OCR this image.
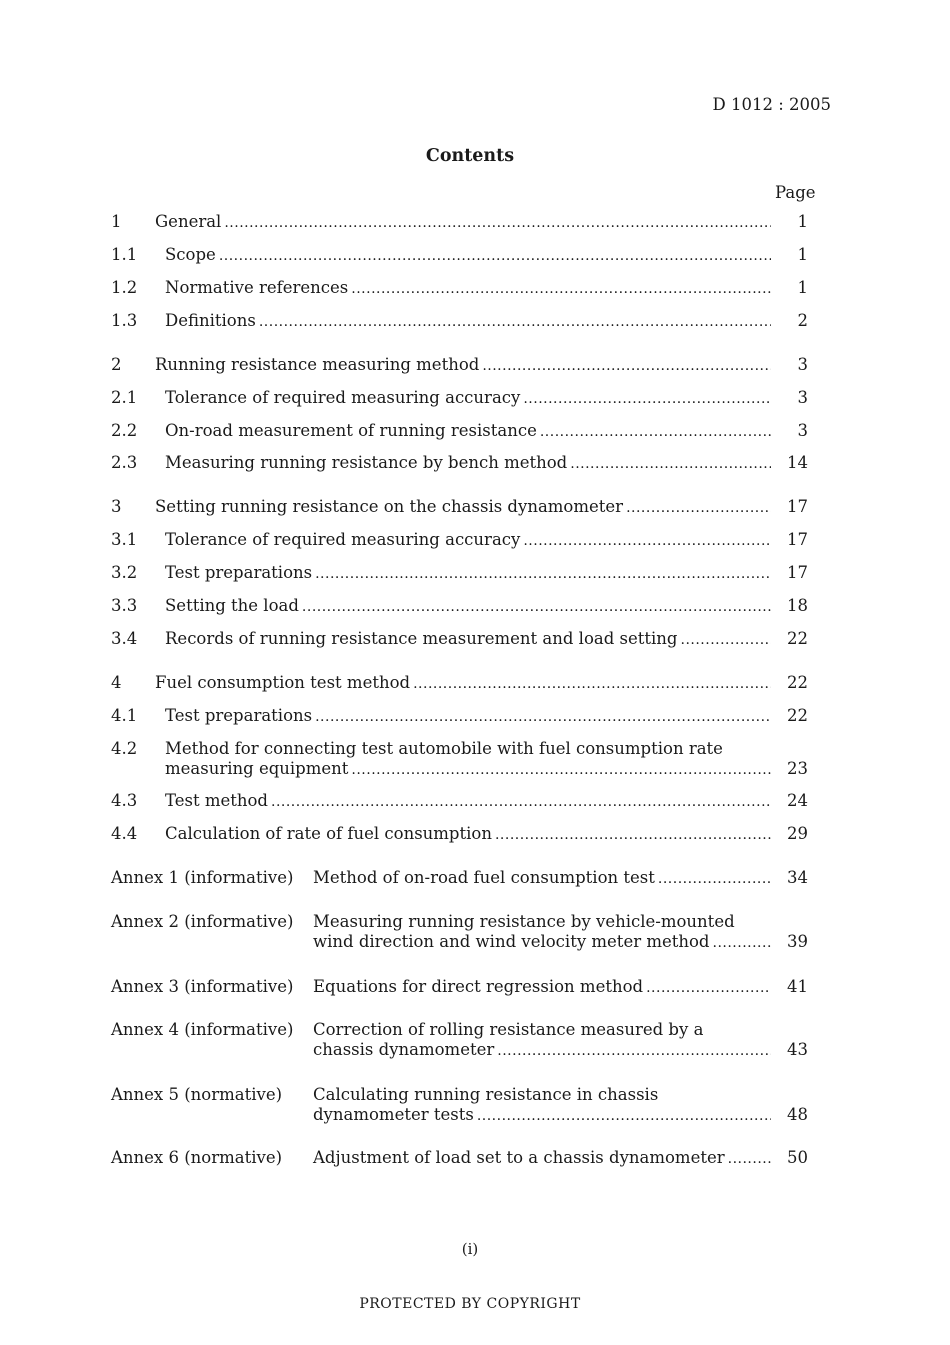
D 1012 : 2005
Contents
Page
1	General .....	1
1.1	Scope .....	1
1.2	Normative references .....	1
1.3	Definitions .....	2
2	Running resistance measuring method .....	3
2.1	Tolerance of required measuring accuracy .....	3
2.2	On-road measurement of running resistance .....	3
2.3	Measuring running resistance by bench method .....	14
3	Setting running resistance on the chassis dynamometer .....	17
3.1	Tolerance of required measuring accuracy .....	17
3.2	Test preparations .....	17
3.3	Setting the load .....	18
3.4	Records of running resistance measurement and load setting .....	22
4	Fuel consumption test method .....	22
4.1	Test preparations .....	22
4.2	Method for connecting test automobile with fuel consumption rate
measuring equipment .....	23
4.3	Test method .....	24
4.4	Calculation of rate of fuel consumption .....	29
Annex 1 (informative)	Method of on-road fuel consumption test .....	34
Annex 2 (informative)	Measuring running resistance by vehicle-mounted
wind direction and wind velocity meter method .....	39
Annex 3 (informative)	Equations for direct regression method .....	41
Annex 4 (informative)	Correction of rolling resistance measured by a
chassis dynamometer .....	43
Annex 5 (normative)	Calculating running resistance in chassis
dynamometer tests .....	48
Annex 6 (normative)	Adjustment of load set to a chassis dynamometer .....	50
(i)
PROTECTED BY COPYRIGHT
